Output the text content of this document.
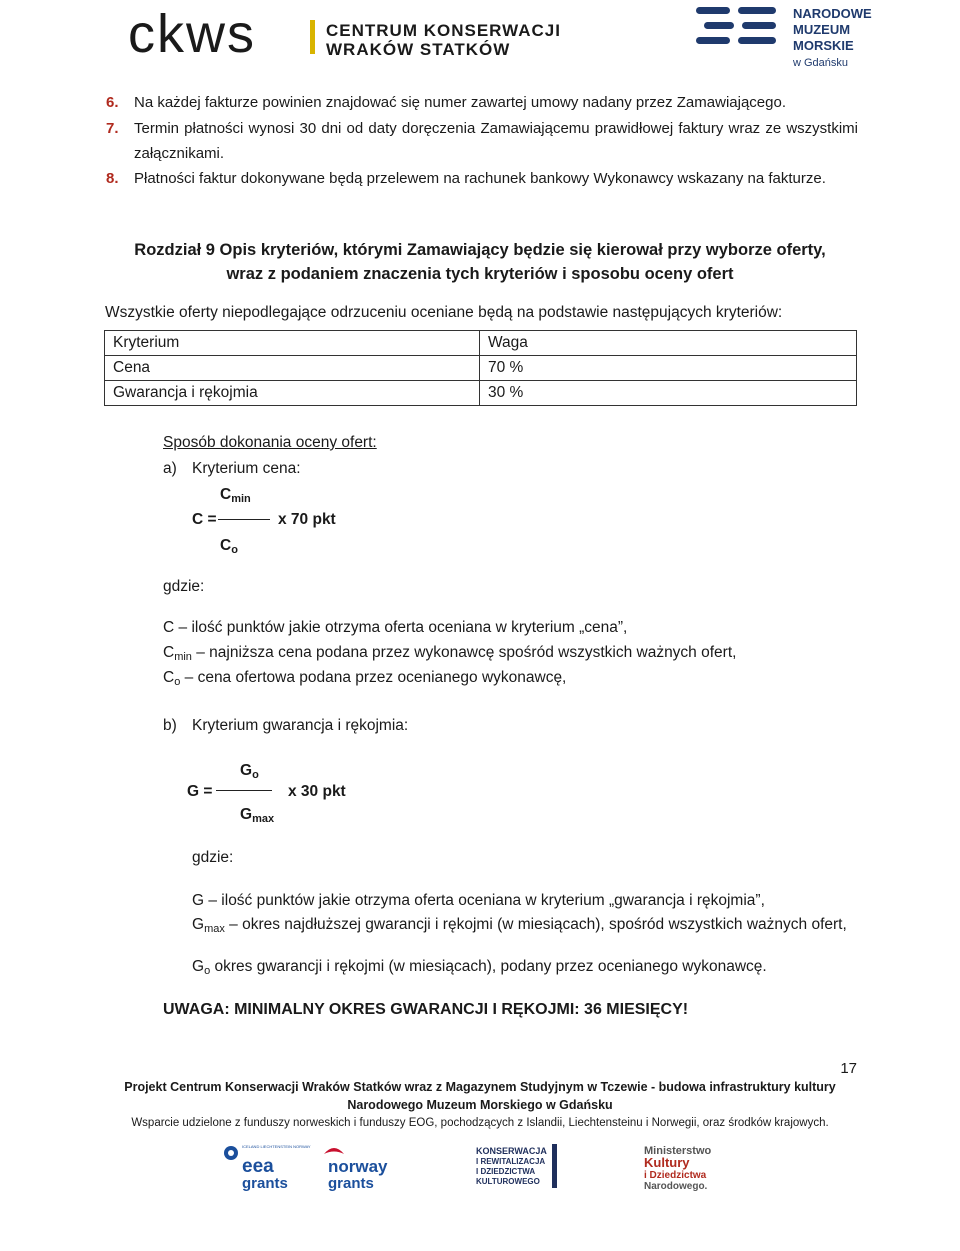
ckws	CENTRUM KONSERWACJI
WRAKÓW STATKÓW
NARODOWE
MUZEUM
MORSKIE
w Gdańsku
6. Na każdej fakturze powinien znajdować się numer zawartej umowy nadany przez Zamawiającego.
7. Termin płatności wynosi 30 dni od daty doręczenia Zamawiającemu prawidłowej faktury wraz ze wszystkimi załącznikami.
8. Płatności faktur dokonywane będą przelewem na rachunek bankowy Wykonawcy wskazany na fakturze.
Rozdział 9 Opis kryteriów, którymi Zamawiający będzie się kierował przy wyborze oferty,
wraz z podaniem znaczenia tych kryteriów i sposobu oceny ofert
Wszystkie oferty niepodlegające odrzuceniu oceniane będą na podstawie następujących kryteriów:
Kryterium	Waga
Cena	70 %
Gwarancja i rękojmia	30 %
Sposób dokonania oceny ofert:
a) Kryterium cena:
$C_{min}$
C =	x 70 pkt
$C_o$
gdzie:
C – ilość punktów jakie otrzyma oferta oceniana w kryterium „cena”,
$C_{min}$ – najniższa cena podana przez wykonawcę spośród wszystkich ważnych ofert,
$C_o$ – cena ofertowa podana przez ocenianego wykonawcę,
b) Kryterium gwarancja i rękojmia:
$G_o$
G =	x 30 pkt
$G_{max}$
gdzie:
G – ilość punktów jakie otrzyma oferta oceniana w kryterium „gwarancja i rękojmia”,
$G_{max}$ – okres najdłuższej gwarancji i rękojmi (w miesiącach), spośród wszystkich ważnych ofert,
$G_o$ okres gwarancji i rękojmi (w miesiącach), podany przez ocenianego wykonawcę.
UWAGA: MINIMALNY OKRES GWARANCJI I RĘKOJMI: 36 MIESIĘCY!
17
Projekt Centrum Konserwacji Wraków Statków wraz z Magazynem Studyjnym w Tczewie - budowa infrastruktury kultury
Narodowego Muzeum Morskiego w Gdańsku
Wsparcie udzielone z funduszy norweskich i funduszy EOG, pochodzących z Islandii, Liechtensteinu i Norwegii, oraz środków krajowych.
ICELAND LIECHTENSTEIN NORWAY
eea
grants
norway
grants
KONSERWACJA
I REWITALIZACJA
I DZIEDZICTWA
KULTUROWEGO
Ministerstwo
Kultury
i Dziedzictwa
Narodowego.
